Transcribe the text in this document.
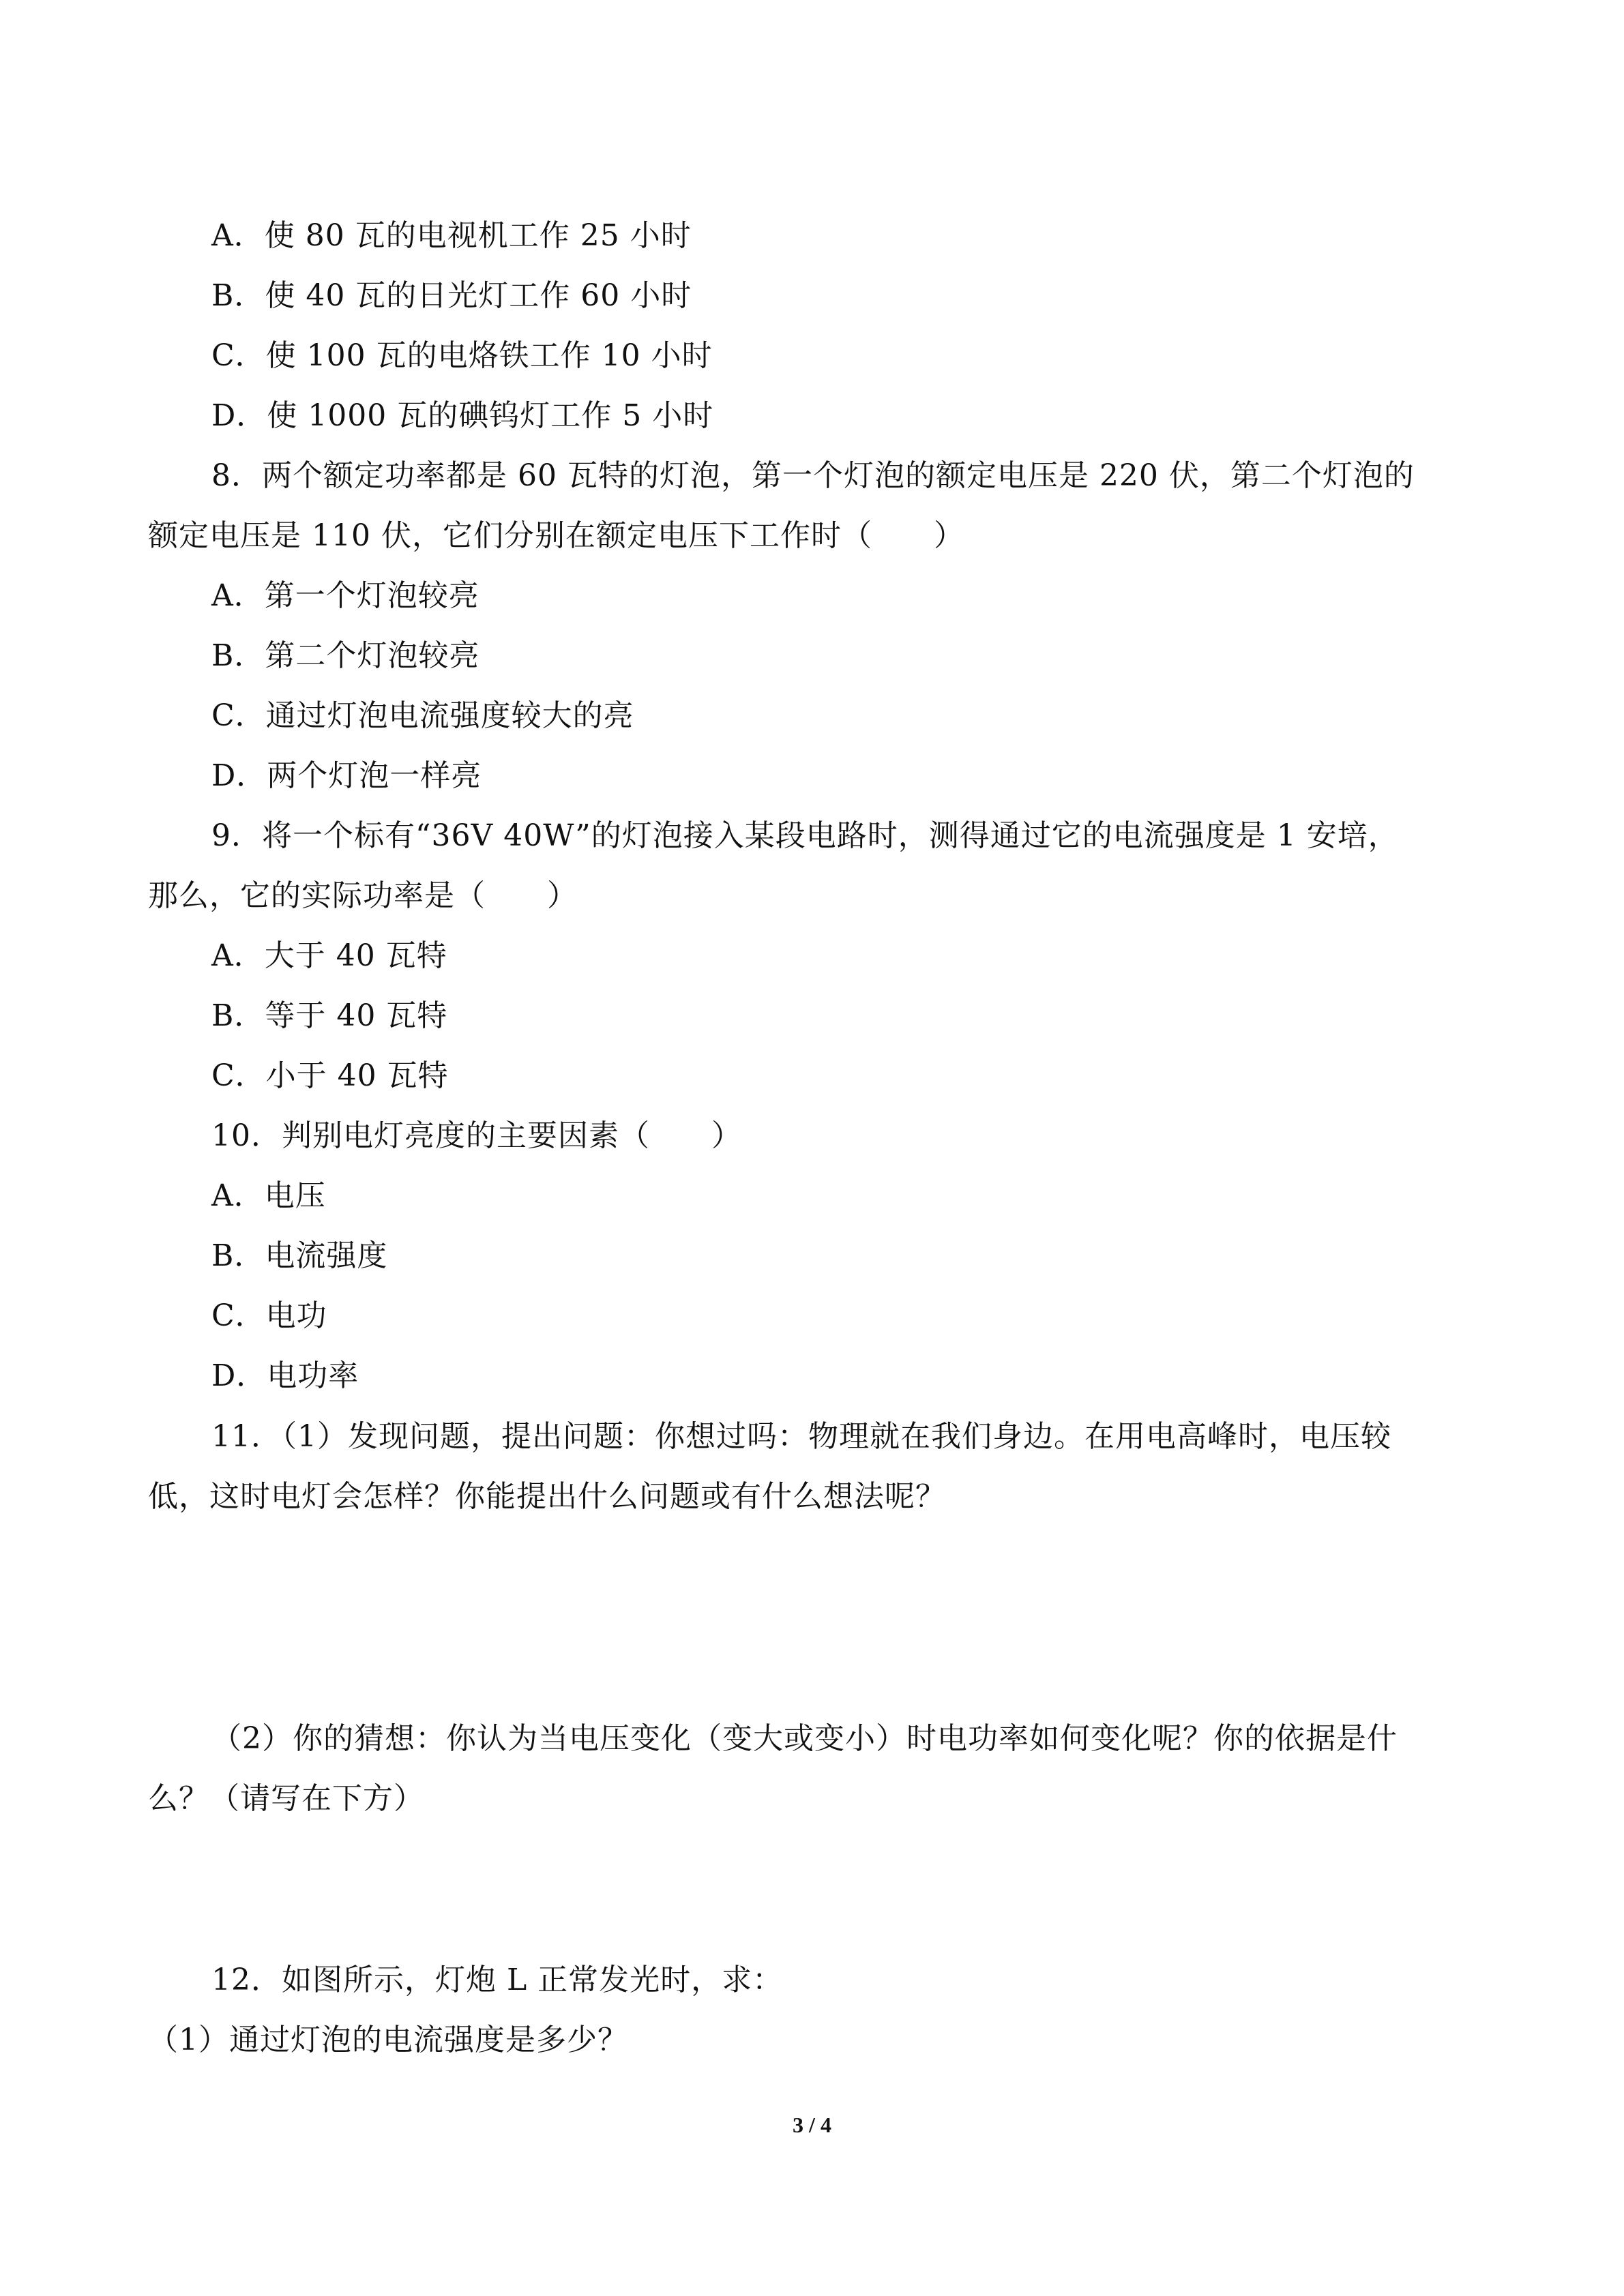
A．使 80 瓦的电视机工作 25 小时
B．使 40 瓦的日光灯工作 60 小时
C．使 100 瓦的电烙铁工作 10 小时
D．使 1000 瓦的碘钨灯工作 5 小时
8．两个额定功率都是 60 瓦特的灯泡，第一个灯泡的额定电压是 220 伏，第二个灯泡的
额定电压是 110 伏，它们分别在额定电压下工作时（　　）
A．第一个灯泡较亮
B．第二个灯泡较亮
C．通过灯泡电流强度较大的亮
D．两个灯泡一样亮
9．将一个标有“36V 40W”的灯泡接入某段电路时，测得通过它的电流强度是 1 安培，
那么，它的实际功率是（　　）
A．大于 40 瓦特
B．等于 40 瓦特
C．小于 40 瓦特
10．判别电灯亮度的主要因素（　　）
A．电压
B．电流强度
C．电功
D．电功率
11．（1）发现问题，提出问题：你想过吗：物理就在我们身边。在用电高峰时，电压较
低，这时电灯会怎样？你能提出什么问题或有什么想法呢？
（2）你的猜想：你认为当电压变化（变大或变小）时电功率如何变化呢？你的依据是什
么？（请写在下方）
12．如图所示，灯炮 L 正常发光时，求：
（1）通过灯泡的电流强度是多少？
3 / 4
